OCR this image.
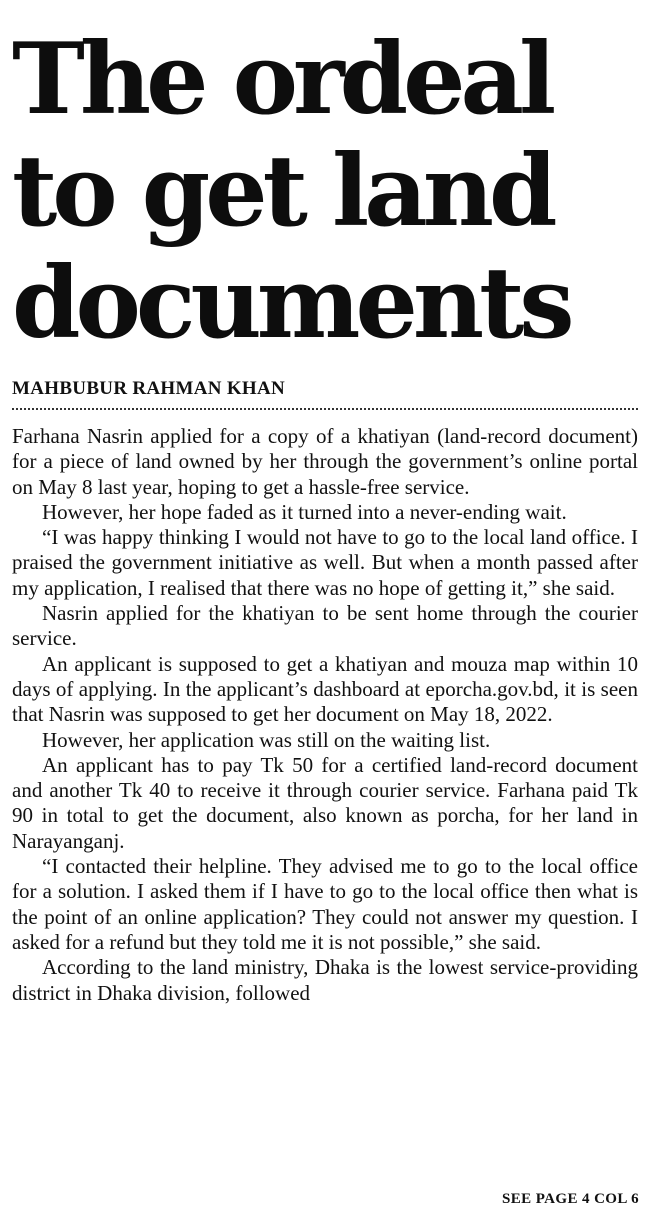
The ordeal
to get land
documents
MAHBUBUR RAHMAN KHAN

Farhana Nasrin applied for a copy of a khatiyan (land-record document) for a piece of land owned by her through the government’s online portal on May 8 last year, hoping to get a hassle-free service.

However, her hope faded as it turned into a never-ending wait.

“I was happy thinking I would not have to go to the local land office. I praised the government initiative as well. But when a month passed after my application, I realised that there was no hope of getting it,” she said.

Nasrin applied for the khatiyan to be sent home through the courier service.

An applicant is supposed to get a khatiyan and mouza map within 10 days of applying. In the applicant’s dashboard at eporcha.gov.bd, it is seen that Nasrin was supposed to get her document on May 18, 2022.

However, her application was still on the waiting list.

An applicant has to pay Tk 50 for a certified land-record document and another Tk 40 to receive it through courier service. Farhana paid Tk 90 in total to get the document, also known as porcha, for her land in Narayanganj.

“I contacted their helpline. They advised me to go to the local office for a solution. I asked them if I have to go to the local office then what is the point of an online application? They could not answer my question. I asked for a refund but they told me it is not possible,” she said.

According to the land ministry, Dhaka is the lowest service-providing district in Dhaka division, followed

SEE PAGE 4 COL 6
